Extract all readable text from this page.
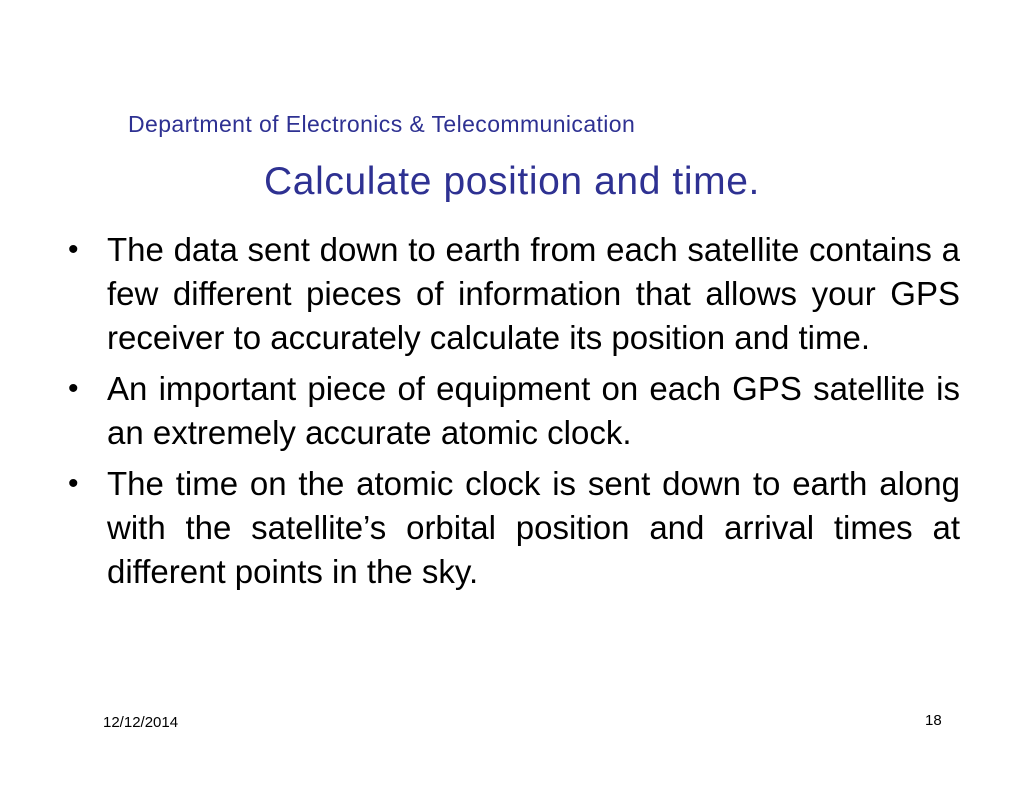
Department of Electronics & Telecommunication
Calculate position and time.
• The data sent down to earth from each satellite contains a few different pieces of information that allows your GPS receiver to accurately calculate its position and time.
• An important piece of equipment on each GPS satellite is an extremely accurate atomic clock.
• The time on the atomic clock is sent down to earth along with the satellite’s orbital position and arrival times at different points in the sky.
12/12/2014	18
